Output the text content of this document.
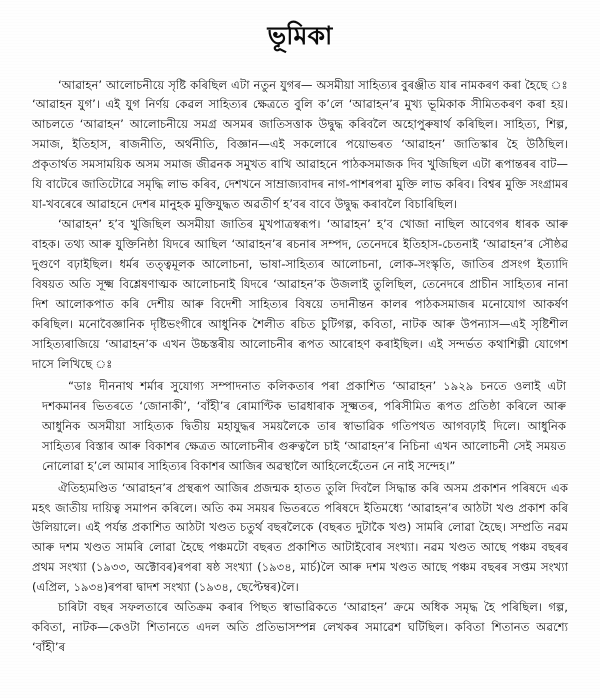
ভূমিকা

‘আৱাহন’ আলোচনীয়ে সৃষ্টি কৰিছিল এটা নতুন যুগৰ— অসমীয়া সাহিত্যৰ বুৰঞ্জীত যাৰ নামকৰণ কৰা হৈছে ঃ ‘আৱাহন যুগ’। এই যুগ নিৰ্ণয় কেৱল সাহিত্যৰ ক্ষেত্ৰতে বুলি ক’লে ‘আৱাহন’ৰ মুখ্য ভূমিকাক সীমিতকৰণ কৰা হয়। আচলতে ‘আৱাহন’ আলোচনীয়ে সমগ্র অসমৰ জাতিসত্তাক উদ্বুদ্ধ কৰিবলৈ অহোপুৰুষাৰ্থ কৰিছিল। সাহিত্য, শিল্প, সমাজ, ইতিহাস, ৰাজনীতি, অৰ্থনীতি, বিজ্ঞান—এই সকলোৰে পয়োভৰত ‘আৱাহন’ জাতিস্কাৰ হৈ উঠিছিল। প্ৰকৃতাৰ্থত সমসাময়িক অসম সমাজ জীৱনক সমুখত ৰাখি আৱাহনে পাঠকসমাজক দিব খুজিছিল এটা ৰূপান্তৰৰ বাট—যি বাটেৰে জাতিটোৱে সমৃদ্ধি লাভ কৰিব, দেশখনে সাম্ৰাজ্যবাদৰ নাগ-পাশৰপৰা মুক্তি লাভ কৰিব। বিশ্বৰ মুক্তি সংগ্ৰামৰ যা-খবৰেৰে আৱাহনে দেশৰ মানুহক মুক্তিযুদ্ধত অৱতীৰ্ণ হ’বৰ বাবে উদ্বুদ্ধ কৰাবলৈ বিচাৰিছিল।

‘আৱাহন’ হ’ব খুজিছিল অসমীয়া জাতিৰ মুখপাত্ৰস্বৰূপ। ‘আৱাহন’ হ’ব খোজা নাছিল আবেগৰ ধাৰক আৰু বাহক। তথ্য আৰু যুক্তিনিষ্ঠা যিদৰে আছিল ‘আৱাহন’ৰ ৰচনাৰ সম্পদ, তেনেদৰে ইতিহাস-চেতনাই ‘আৱাহন’ৰ সৌষ্ঠৱ দুগুণে বঢ়াইছিল। ধৰ্মৰ তত্ত্বমূলক আলোচনা, ভাষা-সাহিত্যৰ আলোচনা, লোক-সংস্কৃতি, জাতিৰ প্ৰসংগ ইত্যাদি বিষয়ত অতি সূক্ষ্ম বিশ্লেষণাত্মক আলোচনাই যিদৰে ‘আৱাহন’ক উজলাই তুলিছিল, তেনেদৰে প্ৰাচীন সাহিত্যৰ নানা দিশ আলোকপাত কৰি দেশীয় আৰু বিদেশী সাহিত্যৰ বিষয়ে তদানীন্তন কালৰ পাঠকসমাজৰ মনোযোগ আকৰ্ষণ কৰিছিল। মনোবৈজ্ঞানিক দৃষ্টিভংগীৰে আধুনিক শৈলীত ৰচিত চুটিগল্প, কবিতা, নাটক আৰু উপন্যাস—এই সৃষ্টিশীল সাহিত্যৰাজিয়ে ‘আৱাহন’ক এখন উচ্চস্তৰীয় আলোচনীৰ ৰূপত আৰোহণ কৰাইছিল। এই সন্দৰ্ভত কথাশিল্পী যোগেশ দাসে লিখিছে ঃ

“ডাঃ দীননাথ শৰ্মাৰ সুযোগ্য সম্পাদনাত কলিকতাৰ পৰা প্ৰকাশিত ‘আৱাহন’ ১৯২৯ চনতে ওলাই এটা দশকমানৰ ভিতৰতে ‘জোনাকী’, ‘বাঁহী’ৰ ৰোমাণ্টিক ভাৱধাৰাক সূক্ষ্মতৰ, পৰিসীমিত ৰূপত প্ৰতিষ্ঠা কৰিলে আৰু আধুনিক অসমীয়া সাহিত্যক দ্বিতীয় মহাযুদ্ধৰ সময়লৈকে তাৰ স্বাভাৱিক গতিপথত আগবঢ়াই দিলে। আধুনিক সাহিত্যৰ বিস্তাৰ আৰু বিকাশৰ ক্ষেত্ৰত আলোচনীৰ গুৰুত্বলৈ চাই ‘আৱাহন’ৰ নিচিনা এখন আলোচনী সেই সময়ত নোলোৱা হ’লে আমাৰ সাহিত্যৰ বিকাশৰ আজিৰ অৱস্থালৈ আহিলেহেঁতেন নে নাই সন্দেহ।”

ঐতিহ্যমণ্ডিত ‘আৱাহন’ৰ প্ৰস্থৰূপ আজিৰ প্ৰজন্মক হাতত তুলি দিবলৈ সিদ্ধান্ত কৰি অসম প্ৰকাশন পৰিষদে এক মহৎ জাতীয় দায়িত্ব সমাপন কৰিলে। অতি কম সময়ৰ ভিতৰতে পৰিষদে ইতিমধ্যে ‘আৱাহন’ৰ আঠটা খণ্ড প্ৰকাশ কৰি উলিয়ালে। এই পৰ্যন্ত প্ৰকাশিত আঠটা খণ্ডত চতুৰ্থ বছৰলৈকে (বছৰত দুটাকৈ খণ্ড) সামৰি লোৱা হৈছে। সম্প্ৰতি নৱম আৰু দশম খণ্ডত সামৰি লোৱা হৈছে পঞ্চমটো বছৰত প্ৰকাশিত আটাইবোৰ সংখ্যা। নৱম খণ্ডত আছে পঞ্চম বছৰৰ প্ৰথম সংখ্যা (১৯৩৩, অক্টোবৰ)ৰপৰা ষষ্ঠ সংখ্যা (১৯৩৪, মাৰ্চ)লৈ আৰু দশম খণ্ডত আছে পঞ্চম বছৰৰ সপ্তম সংখ্যা (এপ্ৰিল, ১৯৩৪)ৰপৰা দ্বাদশ সংখ্যা (১৯৩৪, ছেপ্টেম্বৰ)লৈ।

চাৰিটা বছৰ সফলতাৰে অতিক্ৰম কৰাৰ পিছত স্বাভাৱিকতে ‘আৱাহন’ ক্ৰমে অধিক সমৃদ্ধ হৈ পৰিছিল। গল্প, কবিতা, নাটক—কেওটা শিতানতে এদল অতি প্ৰতিভাসম্পন্ন লেখকৰ সমাৱেশ ঘটিছিল। কবিতা শিতানত অৱশ্যে ‘বাঁহী’ৰ
